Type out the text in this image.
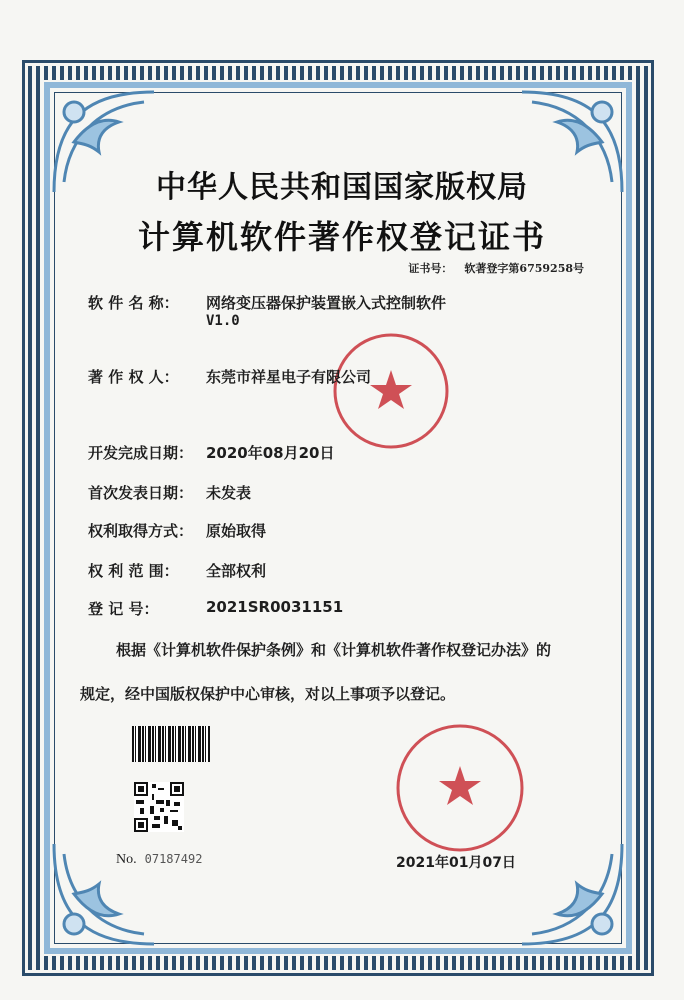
中华人民共和国国家版权局
计算机软件著作权登记证书
证书号： 软著登字第6759258号
软 件 名 称： 网络变压器保护装置嵌入式控制软件
V1.0
著 作 权 人： 东莞市祥星电子有限公司
开发完成日期： 2020年08月20日
首次发表日期： 未发表
权利取得方式： 原始取得
权 利 范 围： 全部权利
登 记 号：	2021SR0031151
根据《计算机软件保护条例》和《计算机软件著作权登记办法》的
规定，经中国版权保护中心审核，对以上事项予以登记。
No. 07187492	2021年01月07日
